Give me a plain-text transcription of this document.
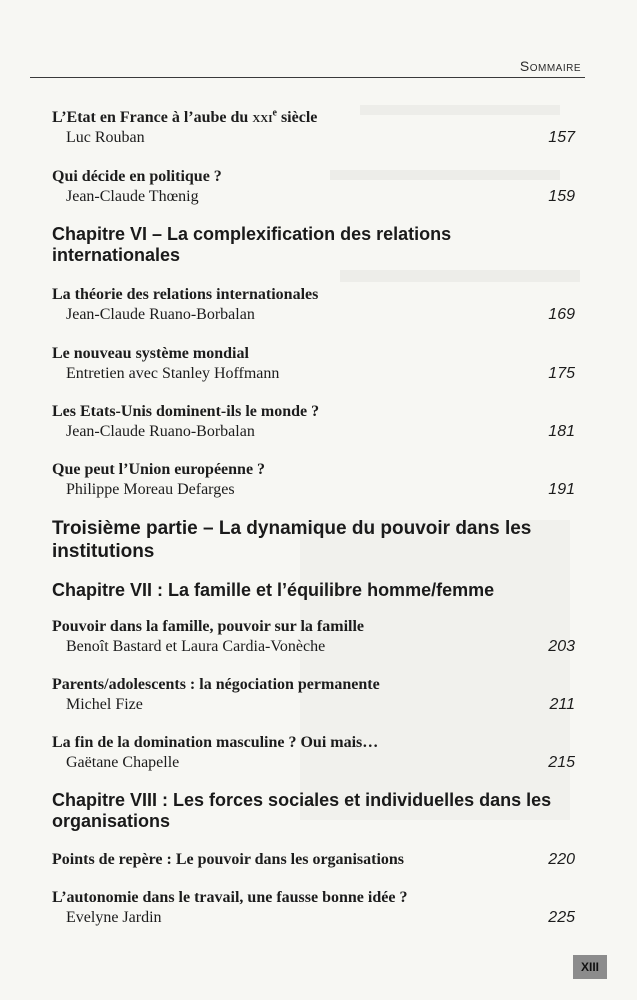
Sommaire
L’Etat en France à l’aube du xxi$^e$ siècle
Luc Rouban	157
Qui décide en politique ?
Jean-Claude Thœnig	159
Chapitre VI – La complexification des relations internationales
La théorie des relations internationales
Jean-Claude Ruano-Borbalan	169
Le nouveau système mondial
Entretien avec Stanley Hoffmann	175
Les Etats-Unis dominent-ils le monde ?
Jean-Claude Ruano-Borbalan	181
Que peut l’Union européenne ?
Philippe Moreau Defarges	191
Troisième partie – La dynamique du pouvoir dans les institutions
Chapitre VII : La famille et l’équilibre homme/femme
Pouvoir dans la famille, pouvoir sur la famille
Benoît Bastard et Laura Cardia-Vonèche	203
Parents/adolescents : la négociation permanente
Michel Fize	211
La fin de la domination masculine ? Oui mais…
Gaëtane Chapelle	215
Chapitre VIII : Les forces sociales et individuelles dans les organisations
Points de repère : Le pouvoir dans les organisations	220
L’autonomie dans le travail, une fausse bonne idée ?
Evelyne Jardin	225
XIII
